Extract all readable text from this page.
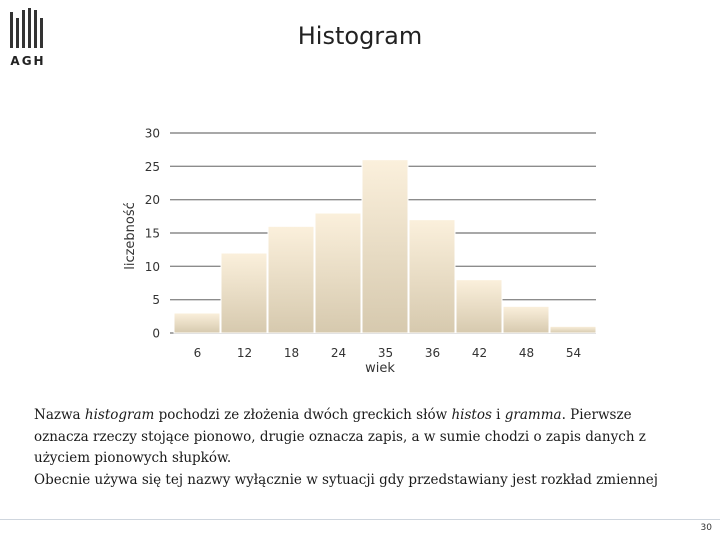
AGH
Histogram
0
5
10
15
20
25
30
6	12	18	24	35	36	42	48	54
liczebność
wiek

Nazwa histogram pochodzi ze złożenia dwóch greckich słów histos i gramma. Pierwsze oznacza rzeczy stojące pionowo, drugie oznacza zapis, a w sumie chodzi o zapis danych z użyciem pionowych słupków.

Obecnie używa się tej nazwy wyłącznie w sytuacji gdy przedstawiany jest rozkład zmiennej

30
